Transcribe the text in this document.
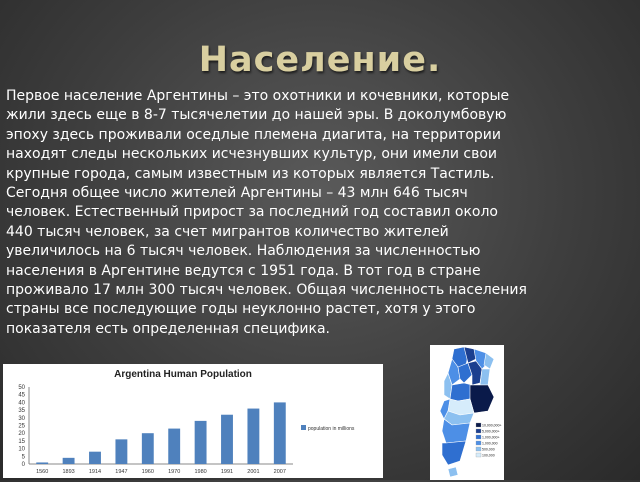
Население.
Первое население Аргентины – это охотники и кочевники, которые
жили здесь еще в 8-7 тысячелетии до нашей эры. В доколумбовую
эпоху здесь проживали оседлые племена диагита, на территории
находят следы нескольких исчезнувших культур, они имели свои
крупные города, самым известным из которых является Тастиль.
Сегодня общее число жителей Аргентины – 43 млн 646 тысяч
человек. Естественный прирост за последний год составил около
440 тысяч человек, за счет мигрантов количество жителей
увеличилось на 6 тысяч человек. Наблюдения за численностью
населения в Аргентине ведутся с 1951 года. В тот год в стране
проживало 17 млн 300 тысяч человек. Общая численность населения
страны все последующие годы неуклонно растет, хотя у этого
показателя есть определенная специфика.
Argentina Human Population
0
5
10
15
20
25
30
35
40
45
50
1560	1893	1914	1947	1960	1970	1980	1991	2001	2007
population in millions
10,000,000+
5,000,000+
1,000,000+
1,000,000
500,000
100,000
